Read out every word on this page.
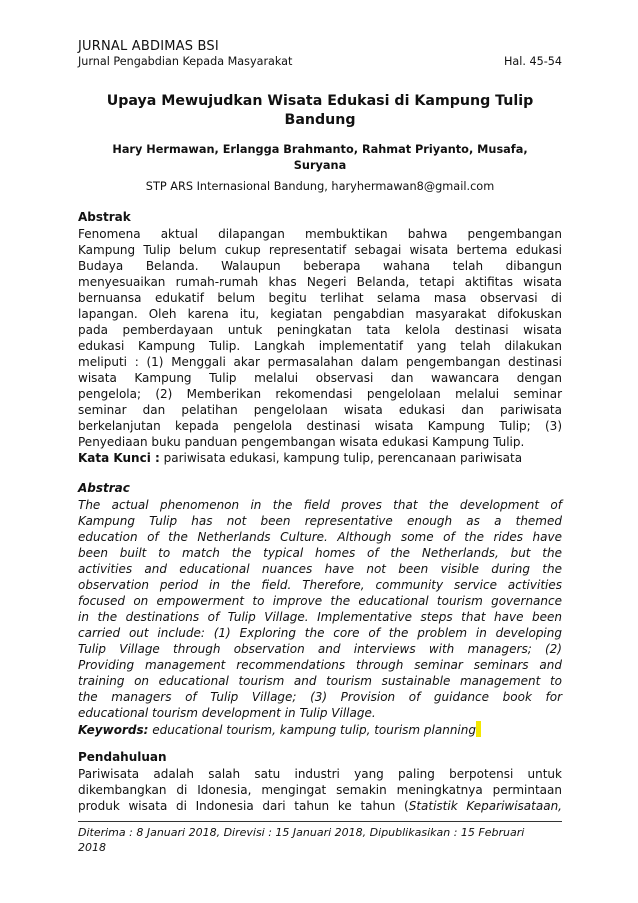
JURNAL ABDIMAS BSI
Jurnal Pengabdian Kepada Masyarakat	Hal. 45-54
Upaya Mewujudkan Wisata Edukasi di Kampung Tulip
Bandung
Hary Hermawan, Erlangga Brahmanto, Rahmat Priyanto, Musafa,
Suryana
STP ARS Internasional Bandung, haryhermawan8@gmail.com
Abstrak
Fenomena aktual dilapangan membuktikan bahwa pengembangan
Kampung Tulip belum cukup representatif sebagai wisata bertema edukasi
Budaya Belanda. Walaupun beberapa wahana telah dibangun
menyesuaikan rumah-rumah khas Negeri Belanda, tetapi aktifitas wisata
bernuansa edukatif belum begitu terlihat selama masa observasi di
lapangan. Oleh karena itu, kegiatan pengabdian masyarakat difokuskan
pada pemberdayaan untuk peningkatan tata kelola destinasi wisata
edukasi Kampung Tulip. Langkah implementatif yang telah dilakukan
meliputi : (1) Menggali akar permasalahan dalam pengembangan destinasi
wisata Kampung Tulip melalui observasi dan wawancara dengan
pengelola; (2) Memberikan rekomendasi pengelolaan melalui seminar
seminar dan pelatihan pengelolaan wisata edukasi dan pariwisata
berkelanjutan kepada pengelola destinasi wisata Kampung Tulip; (3)
Penyediaan buku panduan pengembangan wisata edukasi Kampung Tulip.
Kata Kunci : pariwisata edukasi, kampung tulip, perencanaan pariwisata
Abstrac
The actual phenomenon in the field proves that the development of
Kampung Tulip has not been representative enough as a themed
education of the Netherlands Culture. Although some of the rides have
been built to match the typical homes of the Netherlands, but the
activities and educational nuances have not been visible during the
observation period in the field. Therefore, community service activities
focused on empowerment to improve the educational tourism governance
in the destinations of Tulip Village. Implementative steps that have been
carried out include: (1) Exploring the core of the problem in developing
Tulip Village through observation and interviews with managers; (2)
Providing management recommendations through seminar seminars and
training on educational tourism and tourism sustainable management to
the managers of Tulip Village; (3) Provision of guidance book for
educational tourism development in Tulip Village.
Keywords: educational tourism, kampung tulip, tourism planning
Pendahuluan
Pariwisata adalah salah satu industri yang paling berpotensi untuk
dikembangkan di Idonesia, mengingat semakin meningkatnya permintaan
produk wisata di Indonesia dari tahun ke tahun (Statistik Kepariwisataan,
Diterima : 8 Januari 2018, Direvisi : 15 Januari 2018, Dipublikasikan : 15 Februari
2018
